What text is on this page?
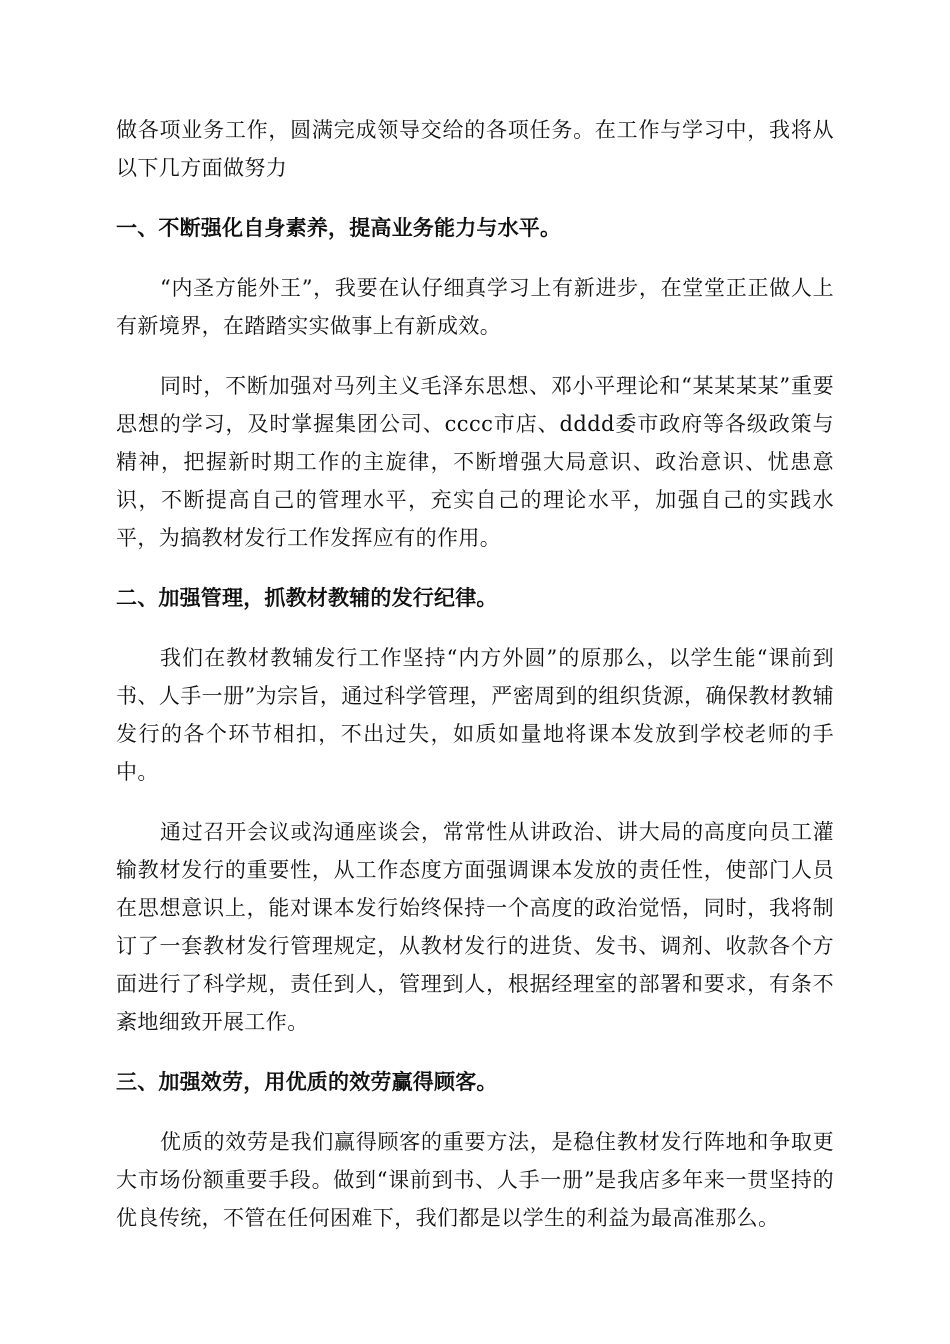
做各项业务工作，圆满完成领导交给的各项任务。在工作与学习中，我将从以下几方面做努力

一、不断强化自身素养，提高业务能力与水平。

“内圣方能外王”，我要在认仔细真学习上有新进步，在堂堂正正做人上有新境界，在踏踏实实做事上有新成效。

同时，不断加强对马列主义毛泽东思想、邓小平理论和“某某某某”重要思想的学习，及时掌握集团公司、cccc市店、dddd委市政府等各级政策与精神，把握新时期工作的主旋律，不断增强大局意识、政治意识、忧患意识，不断提高自己的管理水平，充实自己的理论水平，加强自己的实践水平，为搞教材发行工作发挥应有的作用。

二、加强管理，抓教材教辅的发行纪律。

我们在教材教辅发行工作坚持“内方外圆”的原那么，以学生能“课前到书、人手一册”为宗旨，通过科学管理，严密周到的组织货源，确保教材教辅发行的各个环节相扣，不出过失，如质如量地将课本发放到学校老师的手中。

通过召开会议或沟通座谈会，常常性从讲政治、讲大局的高度向员工灌输教材发行的重要性，从工作态度方面强调课本发放的责任性，使部门人员在思想意识上，能对课本发行始终保持一个高度的政治觉悟，同时，我将制订了一套教材发行管理规定，从教材发行的进货、发书、调剂、收款各个方面进行了科学规，责任到人，管理到人，根据经理室的部署和要求，有条不紊地细致开展工作。

三、加强效劳，用优质的效劳赢得顾客。

优质的效劳是我们赢得顾客的重要方法，是稳住教材发行阵地和争取更大市场份额重要手段。做到“课前到书、人手一册”是我店多年来一贯坚持的优良传统，不管在任何困难下，我们都是以学生的利益为最高准那么。
